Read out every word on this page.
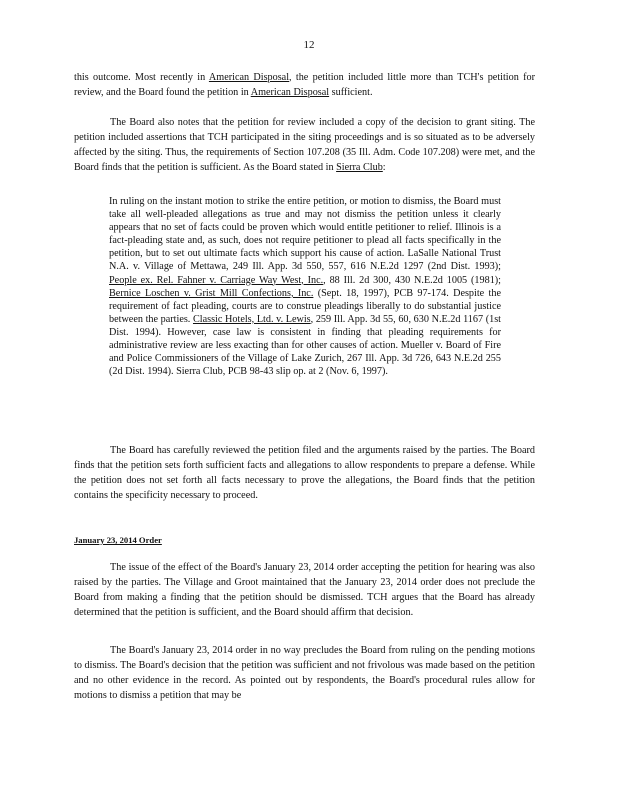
12

this outcome. Most recently in American Disposal, the petition included little more than TCH's petition for review, and the Board found the petition in American Disposal sufficient.

The Board also notes that the petition for review included a copy of the decision to grant siting. The petition included assertions that TCH participated in the siting proceedings and is so situated as to be adversely affected by the siting. Thus, the requirements of Section 107.208 (35 Ill. Adm. Code 107.208) were met, and the Board finds that the petition is sufficient. As the Board stated in Sierra Club:

In ruling on the instant motion to strike the entire petition, or motion to dismiss, the Board must take all well-pleaded allegations as true and may not dismiss the petition unless it clearly appears that no set of facts could be proven which would entitle petitioner to relief. Illinois is a fact-pleading state and, as such, does not require petitioner to plead all facts specifically in the petition, but to set out ultimate facts which support his cause of action. LaSalle National Trust N.A. v. Village of Mettawa, 249 Ill. App. 3d 550, 557, 616 N.E.2d 1297 (2nd Dist. 1993); People ex. Rel. Fahner v. Carriage Way West, Inc., 88 Ill. 2d 300, 430 N.E.2d 1005 (1981); Bernice Loschen v. Grist Mill Confections, Inc. (Sept. 18, 1997), PCB 97-174. Despite the requirement of fact pleading, courts are to construe pleadings liberally to do substantial justice between the parties. Classic Hotels, Ltd. v. Lewis, 259 Ill. App. 3d 55, 60, 630 N.E.2d 1167 (1st Dist. 1994). However, case law is consistent in finding that pleading requirements for administrative review are less exacting than for other causes of action. Mueller v. Board of Fire and Police Commissioners of the Village of Lake Zurich, 267 Ill. App. 3d 726, 643 N.E.2d 255 (2d Dist. 1994). Sierra Club, PCB 98-43 slip op. at 2 (Nov. 6, 1997).

The Board has carefully reviewed the petition filed and the arguments raised by the parties. The Board finds that the petition sets forth sufficient facts and allegations to allow respondents to prepare a defense. While the petition does not set forth all facts necessary to prove the allegations, the Board finds that the petition contains the specificity necessary to proceed.

January 23, 2014 Order

The issue of the effect of the Board's January 23, 2014 order accepting the petition for hearing was also raised by the parties. The Village and Groot maintained that the January 23, 2014 order does not preclude the Board from making a finding that the petition should be dismissed. TCH argues that the Board has already determined that the petition is sufficient, and the Board should affirm that decision.

The Board's January 23, 2014 order in no way precludes the Board from ruling on the pending motions to dismiss. The Board's decision that the petition was sufficient and not frivolous was made based on the petition and no other evidence in the record. As pointed out by respondents, the Board's procedural rules allow for motions to dismiss a petition that may be
